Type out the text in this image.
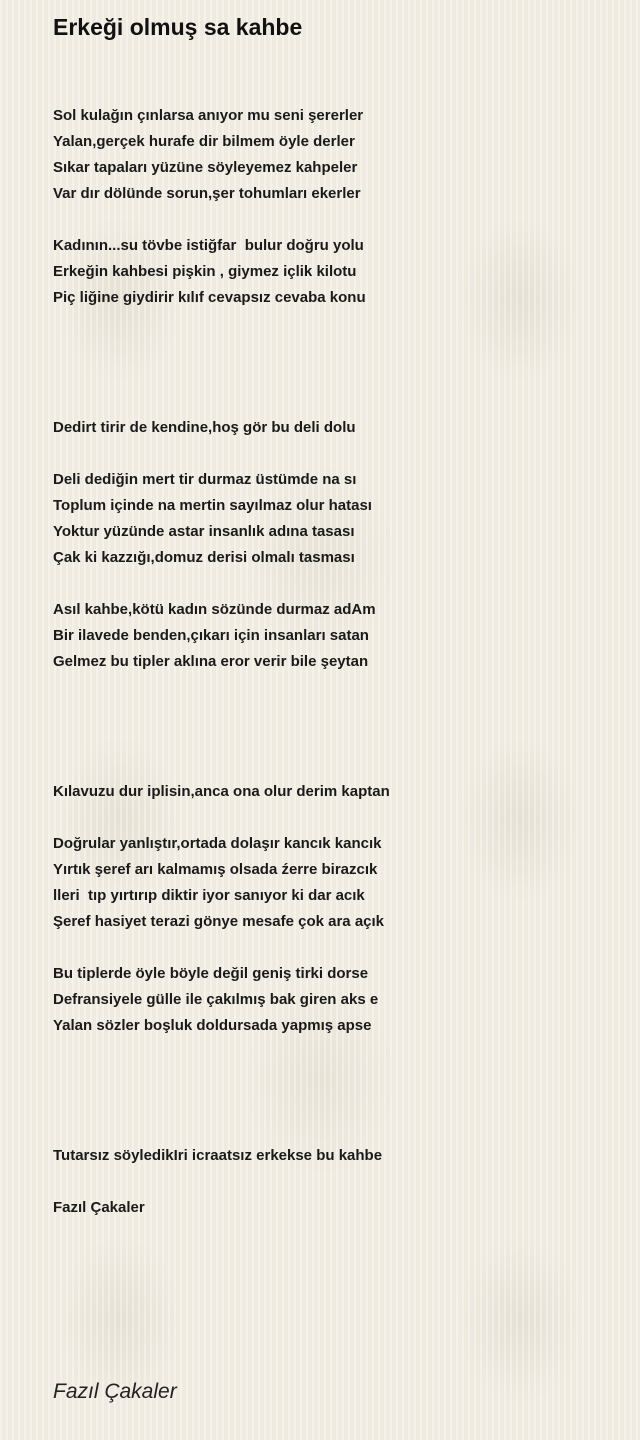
Erkeği olmuş sa kahbe
Sol kulağın çınlarsa anıyor mu seni şererler
Yalan,gerçek hurafe dir bilmem öyle derler
Sıkar tapaları yüzüne söyleyemez kahpeler
Var dır dölünde sorun,şer tohumları ekerler
Kadının...su tövbe istiğfar  bulur doğru yolu
Erkeğin kahbesi pişkin , giymez içlik kilotu
Piç liğine giydirir kılıf cevapsız cevaba konu
Dedirt tirir de kendine,hoş gör bu deli dolu
Deli dediğin mert tir durmaz üstümde na sı
Toplum içinde na mertin sayılmaz olur hatası
Yoktur yüzünde astar insanlık adına tasası
Çak ki kazzığı,domuz derisi olmalı tasması
Asıl kahbe,kötü kadın sözünde durmaz adAm
Bir ilavede benden,çıkarı için insanları satan
Gelmez bu tipler aklına eror verir bile şeytan
Kılavuzu dur iplisin,anca ona olur derim kaptan
Doğrular yanlıştır,ortada dolaşır kancık kancık
Yırtık şeref arı kalmamış olsada źerre birazcık
lleri  tıp yırtırıp diktir iyor sanıyor ki dar acık
Şeref hasiyet terazi gönye mesafe çok ara açık
Bu tiplerde öyle böyle değil geniş tirki dorse
Defransiyele gülle ile çakılmış bak giren aks e
Yalan sözler boşluk doldursada yapmış apse
Tutarsız söyledikIri icraatsız erkekse bu kahbe
Fazıl Çakaler
Fazıl Çakaler
